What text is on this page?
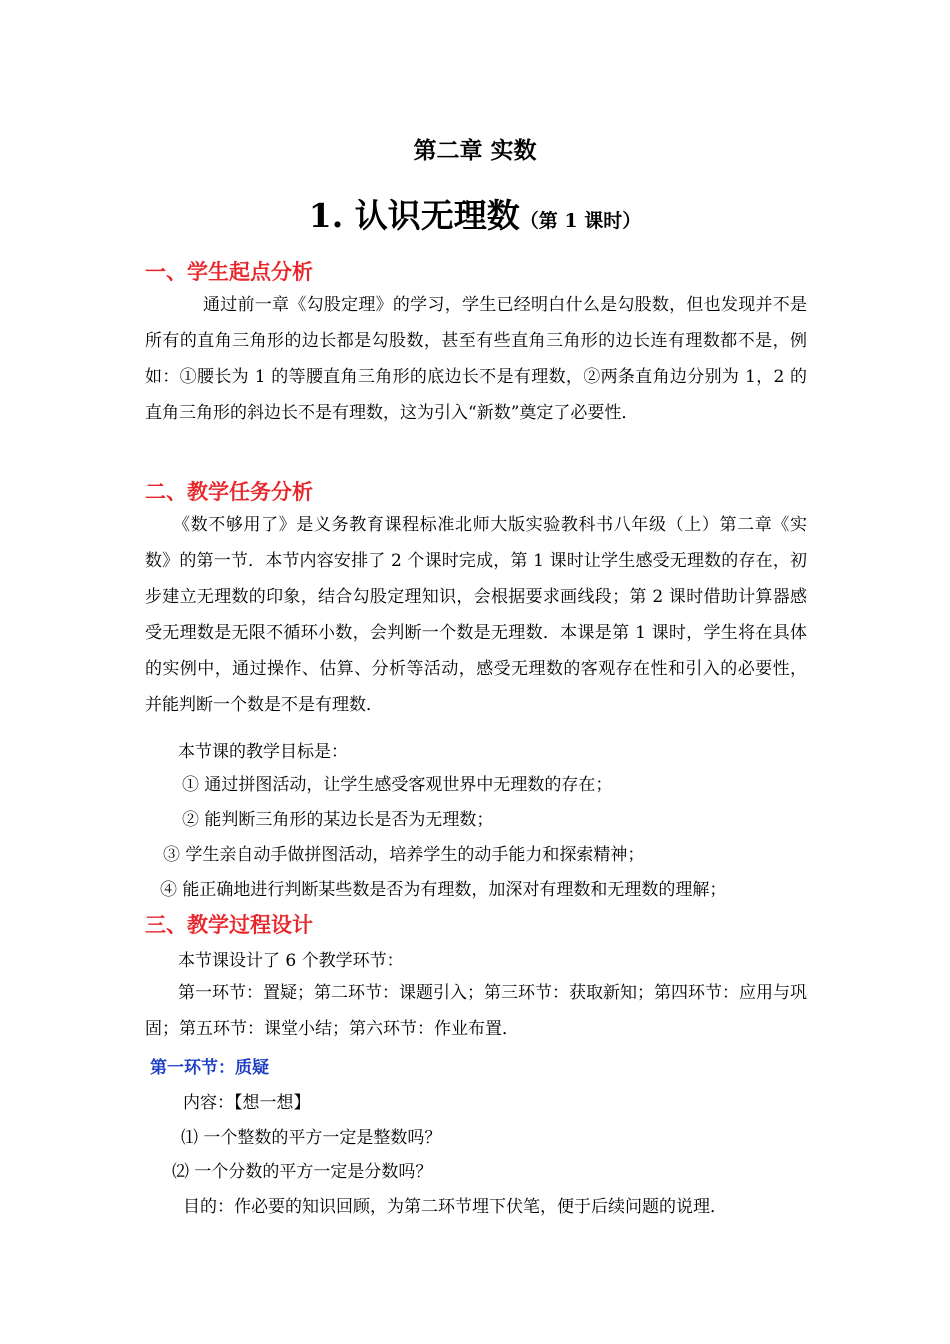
第二章 实数
1. 认识无理数（第 1 课时）
一、学生起点分析
通过前一章《勾股定理》的学习，学生已经明白什么是勾股数，但也发现并不是所有的直角三角形的边长都是勾股数，甚至有些直角三角形的边长连有理数都不是，例如：①腰长为 1 的等腰直角三角形的底边长不是有理数，②两条直角边分别为 1，2 的直角三角形的斜边长不是有理数，这为引入“新数”奠定了必要性．
二、教学任务分析
《数不够用了》是义务教育课程标准北师大版实验教科书八年级（上）第二章《实数》的第一节．本节内容安排了 2 个课时完成，第 1 课时让学生感受无理数的存在，初步建立无理数的印象，结合勾股定理知识，会根据要求画线段；第 2 课时借助计算器感受无理数是无限不循环小数，会判断一个数是无理数．本课是第 1 课时，学生将在具体的实例中，通过操作、估算、分析等活动，感受无理数的客观存在性和引入的必要性，并能判断一个数是不是有理数．
本节课的教学目标是：
① 通过拼图活动，让学生感受客观世界中无理数的存在；
② 能判断三角形的某边长是否为无理数；
③ 学生亲自动手做拼图活动，培养学生的动手能力和探索精神；
④ 能正确地进行判断某些数是否为有理数，加深对有理数和无理数的理解；
三、教学过程设计
本节课设计了 6 个教学环节：
第一环节：置疑；第二环节：课题引入；第三环节：获取新知；第四环节：应用与巩固；第五环节：课堂小结；第六环节：作业布置．
第一环节：质疑
内容：【想一想】
⑴ 一个整数的平方一定是整数吗？
⑵ 一个分数的平方一定是分数吗？
目的：作必要的知识回顾，为第二环节埋下伏笔，便于后续问题的说理．
